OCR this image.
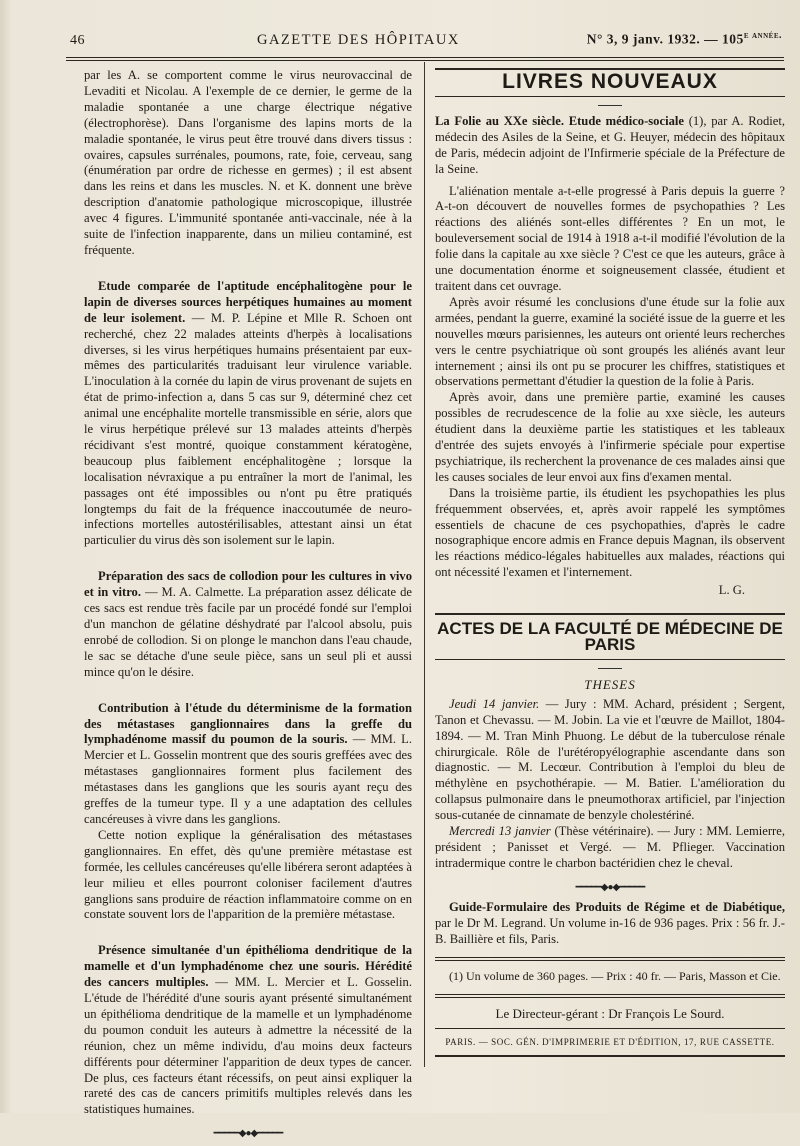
46	GAZETTE DES HÔPITAUX	N° 3, 9 janv. 1932. — $105^{e année.}$

par les A. se comportent comme le virus neurovaccinal de Levaditi et Nicolau. A l'exemple de ce dernier, le germe de la maladie spontanée a une charge électrique négative (électrophorèse). Dans l'organisme des lapins morts de la maladie spontanée, le virus peut être trouvé dans divers tissus : ovaires, capsules surrénales, poumons, rate, foie, cerveau, sang (énumération par ordre de richesse en germes) ; il est absent dans les reins et dans les muscles. N. et K. donnent une brève description d'anatomie pathologique microscopique, illustrée avec 4 figures. L'immunité spontanée anti-vaccinale, née à la suite de l'infection inapparente, dans un milieu contaminé, est fréquente.

Etude comparée de l'aptitude encéphalitogène pour le lapin de diverses sources herpétiques humaines au moment de leur isolement. — M. P. Lépine et Mlle R. Schoen ont recherché, chez 22 malades atteints d'herpès à localisations diverses, si les virus herpétiques humains présentaient par eux-mêmes des particularités traduisant leur virulence variable. L'inoculation à la cornée du lapin de virus provenant de sujets en état de primo-infection a, dans 5 cas sur 9, déterminé chez cet animal une encéphalite mortelle transmissible en série, alors que le virus herpétique prélevé sur 13 malades atteints d'herpès récidivant s'est montré, quoique constamment kératogène, beaucoup plus faiblement encéphalitogène ; lorsque la localisation névraxique a pu entraîner la mort de l'animal, les passages ont été impossibles ou n'ont pu être pratiqués longtemps du fait de la fréquence inaccoutumée de neuro-infections mortelles autostérilisables, attestant ainsi un état particulier du virus dès son isolement sur le lapin.

Préparation des sacs de collodion pour les cultures in vivo et in vitro. — M. A. Calmette. La préparation assez délicate de ces sacs est rendue très facile par un procédé fondé sur l'emploi d'un manchon de gélatine déshydraté par l'alcool absolu, puis enrobé de collodion. Si on plonge le manchon dans l'eau chaude, le sac se détache d'une seule pièce, sans un seul pli et aussi mince qu'on le désire.

Contribution à l'étude du déterminisme de la formation des métastases ganglionnaires dans la greffe du lymphadénome massif du poumon de la souris. — MM. L. Mercier et L. Gosselin montrent que des souris greffées avec des métastases ganglionnaires forment plus facilement des métastases dans les ganglions que les souris ayant reçu des greffes de la tumeur type. Il y a une adaptation des cellules cancéreuses à vivre dans les ganglions.

Cette notion explique la généralisation des métastases ganglionnaires. En effet, dès qu'une première métastase est formée, les cellules cancéreuses qu'elle libérera seront adaptées à leur milieu et elles pourront coloniser facilement d'autres ganglions sans produire de réaction inflammatoire comme on en constate souvent lors de l'apparition de la première métastase.

Présence simultanée d'un épithélioma dendritique de la mamelle et d'un lymphadénome chez une souris. Hérédité des cancers multiples. — MM. L. Mercier et L. Gosselin. L'étude de l'hérédité d'une souris ayant présenté simultanément un épithélioma dendritique de la mamelle et un lymphadénome du poumon conduit les auteurs à admettre la nécessité de la réunion, chez un même individu, d'au moins deux facteurs différents pour déterminer l'apparition de deux types de cancer. De plus, ces facteurs étant récessifs, on peut ainsi expliquer la rareté des cas de cancers primitifs multiples relevés dans les statistiques humaines.

━━━━━◆●◆━━━━━
LIVRES NOUVEAUX

La Folie au XXe siècle. Etude médico-sociale (1), par A. Rodiet, médecin des Asiles de la Seine, et G. Heuyer, médecin des hôpitaux de Paris, médecin adjoint de l'Infirmerie spéciale de la Préfecture de la Seine.

L'aliénation mentale a-t-elle progressé à Paris depuis la guerre ? A-t-on découvert de nouvelles formes de psychopathies ? Les réactions des aliénés sont-elles différentes ? En un mot, le bouleversement social de 1914 à 1918 a-t-il modifié l'évolution de la folie dans la capitale au xxe siècle ? C'est ce que les auteurs, grâce à une documentation énorme et soigneusement classée, étudient et traitent dans cet ouvrage.

Après avoir résumé les conclusions d'une étude sur la folie aux armées, pendant la guerre, examiné la société issue de la guerre et les nouvelles mœurs parisiennes, les auteurs ont orienté leurs recherches vers le centre psychiatrique où sont groupés les aliénés avant leur internement ; ainsi ils ont pu se procurer les chiffres, statistiques et observations permettant d'étudier la question de la folie à Paris.

Après avoir, dans une première partie, examiné les causes possibles de recrudescence de la folie au xxe siècle, les auteurs étudient dans la deuxième partie les statistiques et les tableaux d'entrée des sujets envoyés à l'infirmerie spéciale pour expertise psychiatrique, ils recherchent la provenance de ces malades ainsi que les causes sociales de leur envoi aux fins d'examen mental.

Dans la troisième partie, ils étudient les psychopathies les plus fréquemment observées, et, après avoir rappelé les symptômes essentiels de chacune de ces psychopathies, d'après le cadre nosographique encore admis en France depuis Magnan, ils observent les réactions médico-légales habituelles aux malades, réactions qui ont nécessité l'examen et l'internement.

L. G.
ACTES DE LA FACULTÉ DE MÉDECINE DE PARIS
THESES

Jeudi 14 janvier. — Jury : MM. Achard, président ; Sergent, Tanon et Chevassu. — M. Jobin. La vie et l'œuvre de Maillot, 1804-1894. — M. Tran Minh Phuong. Le début de la tuberculose rénale chirurgicale. Rôle de l'urétéropyélographie ascendante dans son diagnostic. — M. Lecœur. Contribution à l'emploi du bleu de méthylène en psychothérapie. — M. Batier. L'amélioration du collapsus pulmonaire dans le pneumothorax artificiel, par l'injection sous-cutanée de cinnamate de benzyle cholestériné.

Mercredi 13 janvier (Thèse vétérinaire). — Jury : MM. Lemierre, président ; Panisset et Vergé. — M. Pflieger. Vaccination intradermique contre le charbon bactéridien chez le cheval.

━━━━━◆●◆━━━━━

Guide-Formulaire des Produits de Régime et de Diabétique, par le Dr M. Legrand. Un volume in-16 de 936 pages. Prix : 56 fr. J.-B. Baillière et fils, Paris.

(1) Un volume de 360 pages. — Prix : 40 fr. — Paris, Masson et Cie.

Le Directeur-gérant : Dr François Le Sourd.
PARIS. — SOC. GÉN. D'IMPRIMERIE ET D'ÉDITION, 17, RUE CASSETTE.
